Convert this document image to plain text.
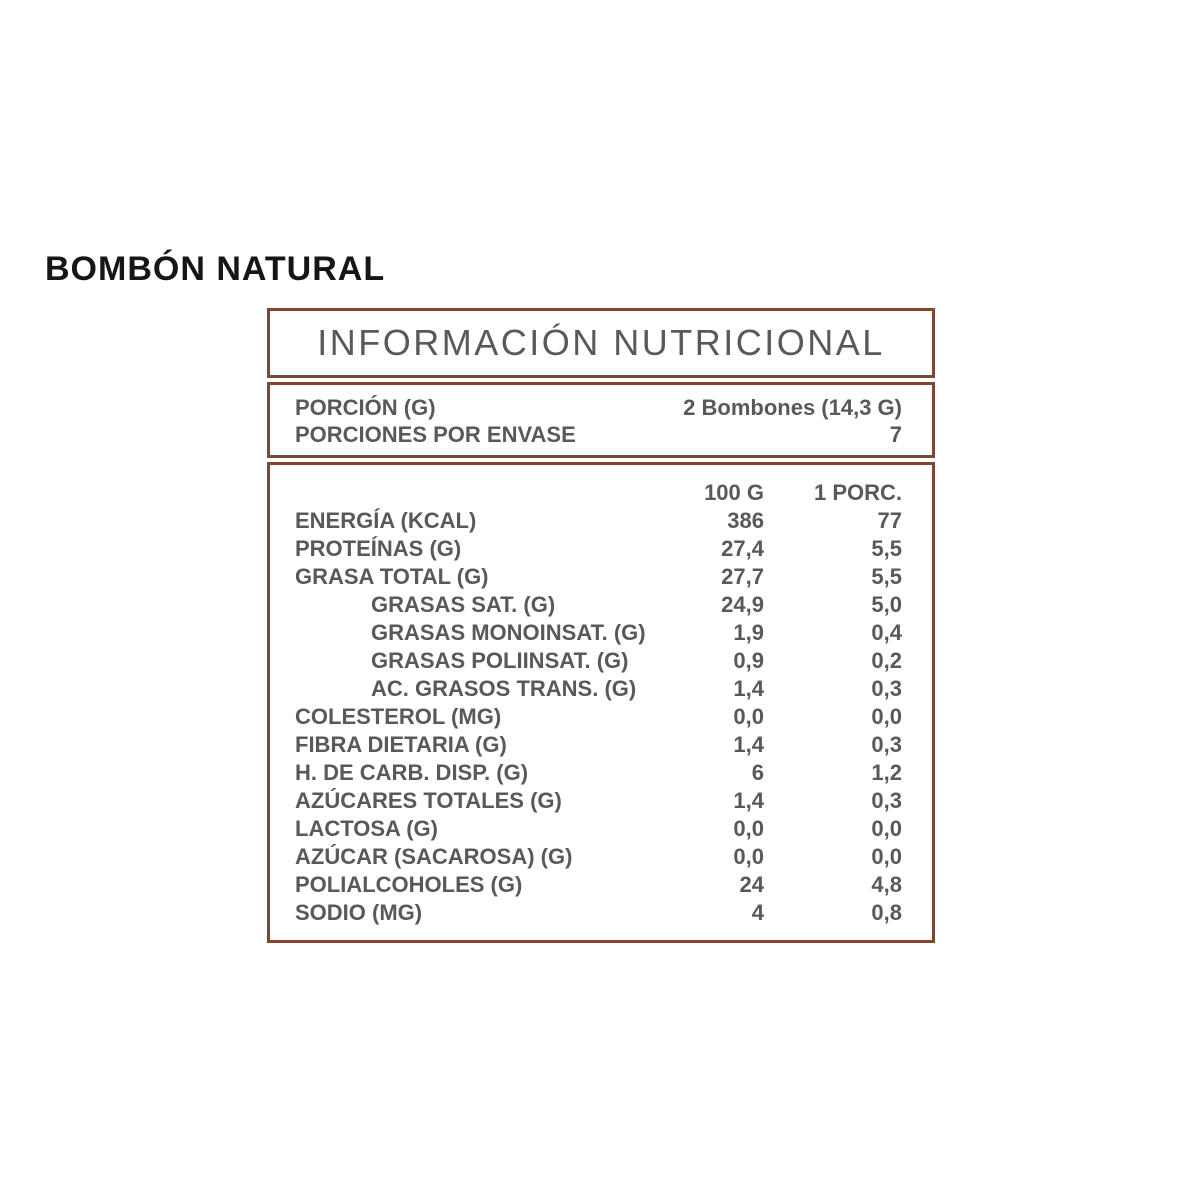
BOMBÓN NATURAL
INFORMACIÓN NUTRICIONAL
PORCIÓN (G)	2 Bombones (14,3 G)
PORCIONES POR ENVASE	7
100 G	1 PORC.
ENERGÍA (KCAL)	386	77
PROTEÍNAS (G)	27,4	5,5
GRASA TOTAL (G)	27,7	5,5
GRASAS SAT. (G)	24,9	5,0
GRASAS MONOINSAT. (G)	1,9	0,4
GRASAS POLIINSAT. (G)	0,9	0,2
AC. GRASOS TRANS. (G)	1,4	0,3
COLESTEROL (MG)	0,0	0,0
FIBRA DIETARIA (G)	1,4	0,3
H. DE CARB. DISP. (G)	6	1,2
AZÚCARES TOTALES (G)	1,4	0,3
LACTOSA (G)	0,0	0,0
AZÚCAR (SACAROSA) (G)	0,0	0,0
POLIALCOHOLES (G)	24	4,8
SODIO (MG)	4	0,8
